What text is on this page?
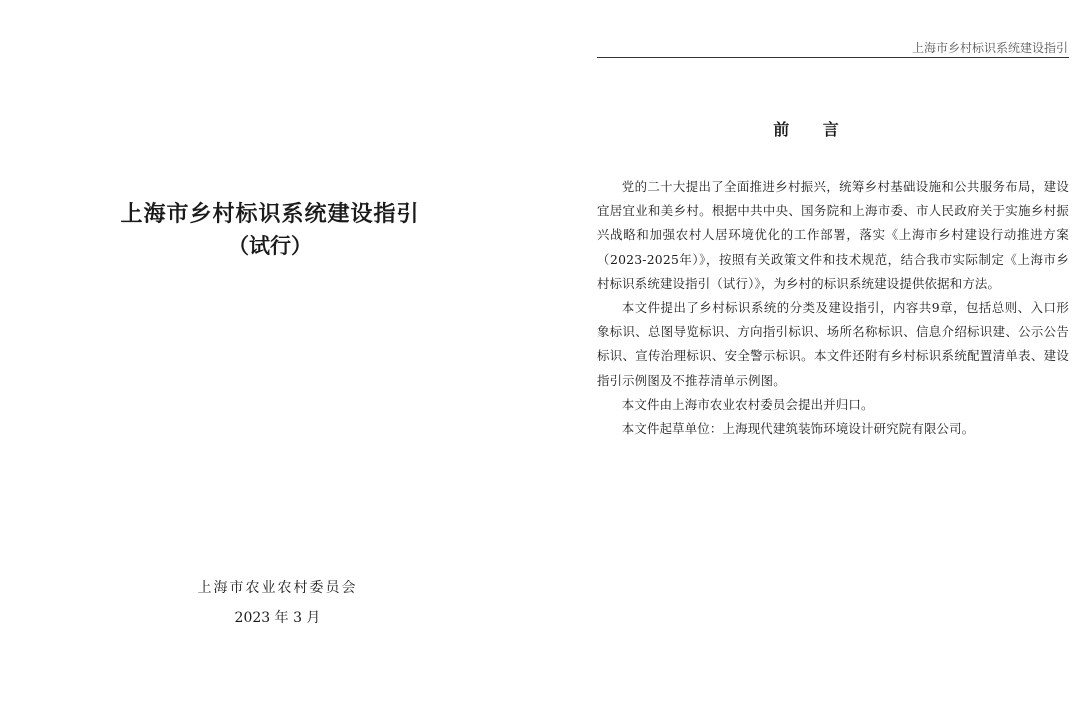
上海市乡村标识系统建设指引
（试行）
上海市农业农村委员会
2023 年 3 月
上海市乡村标识系统建设指引
前 言

党的二十大提出了全面推进乡村振兴，统筹乡村基础设施和公共服务布局，建设宜居宜业和美乡村。根据中共中央、国务院和上海市委、市人民政府关于实施乡村振兴战略和加强农村人居环境优化的工作部署，落实《上海市乡村建设行动推进方案（2023-2025年）》，按照有关政策文件和技术规范，结合我市实际制定《上海市乡村标识系统建设指引（试行）》，为乡村的标识系统建设提供依据和方法。

本文件提出了乡村标识系统的分类及建设指引，内容共9章，包括总则、入口形象标识、总图导览标识、方向指引标识、场所名称标识、信息介绍标识建、公示公告标识、宣传治理标识、安全警示标识。本文件还附有乡村标识系统配置清单表、建设指引示例图及不推荐清单示例图。

本文件由上海市农业农村委员会提出并归口。

本文件起草单位：上海现代建筑装饰环境设计研究院有限公司。
